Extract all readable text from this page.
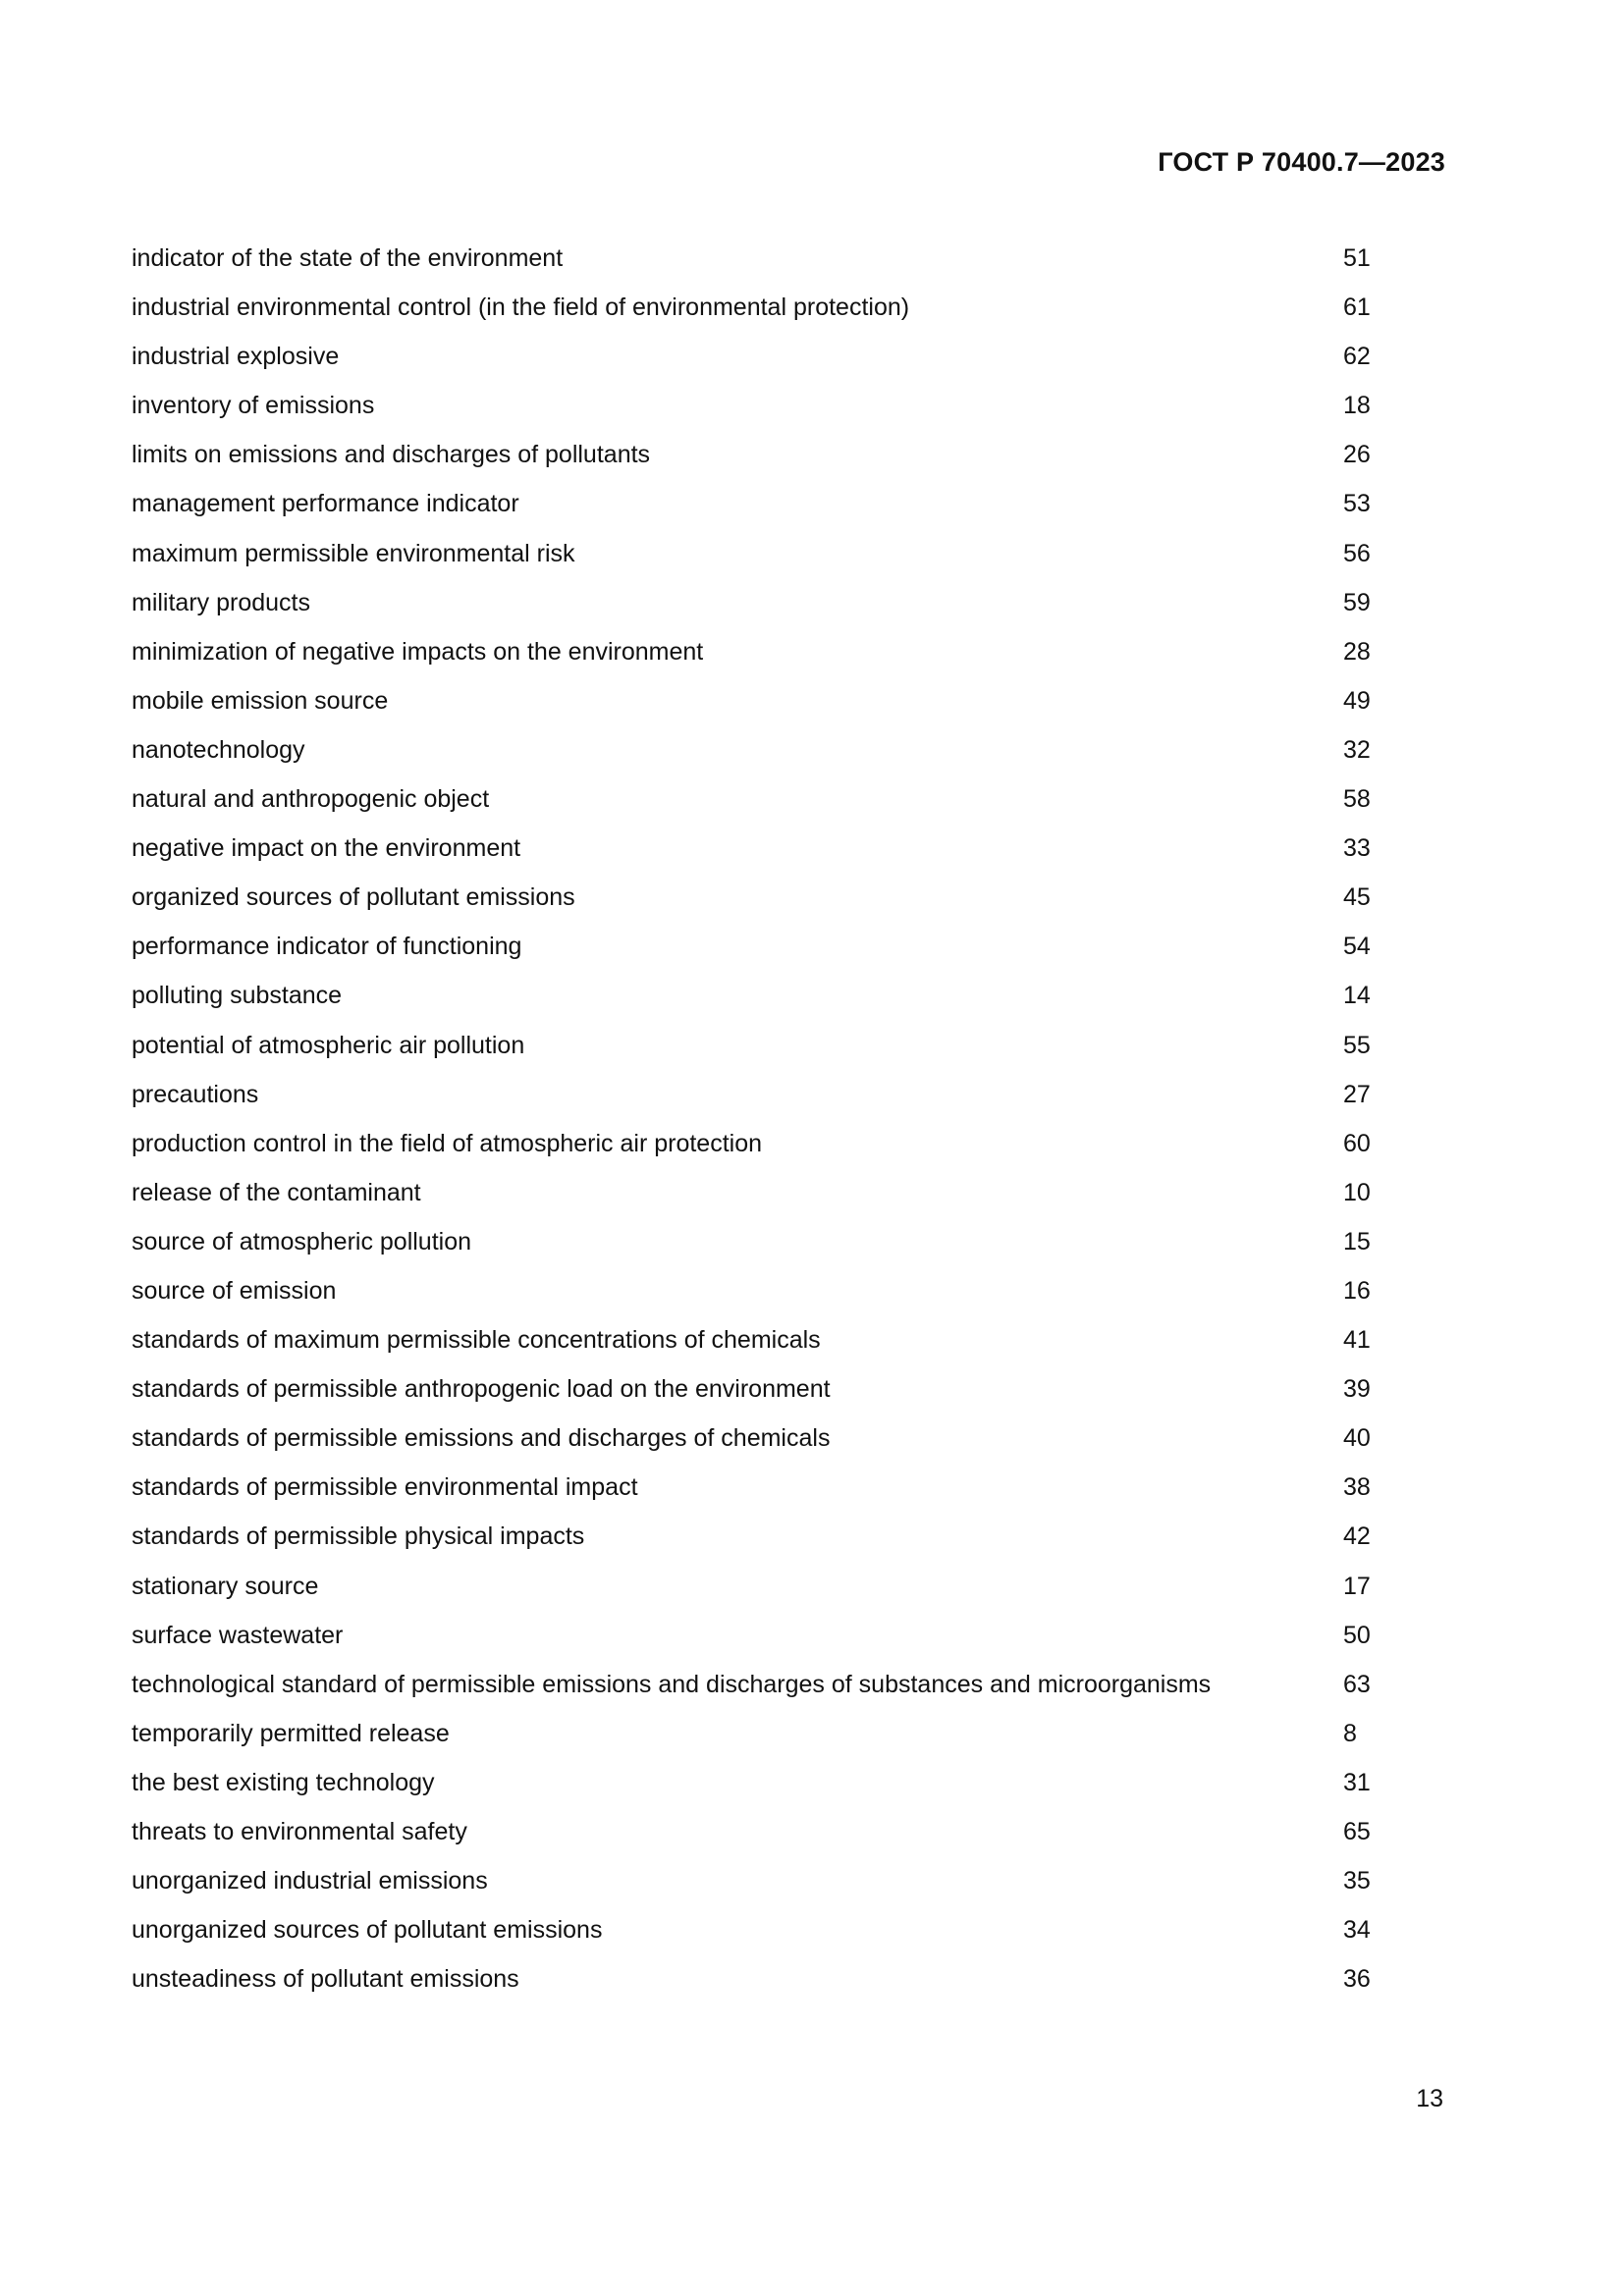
ГОСТ Р 70400.7—2023
indicator of the state of the environment	51
industrial environmental control (in the field of environmental protection)	61
industrial explosive	62
inventory of emissions	18
limits on emissions and discharges of pollutants	26
management performance indicator	53
maximum permissible environmental risk	56
military products	59
minimization of negative impacts on the environment	28
mobile emission source	49
nanotechnology	32
natural and anthropogenic object	58
negative impact on the environment	33
organized sources of pollutant emissions	45
performance indicator of functioning	54
polluting substance	14
potential of atmospheric air pollution	55
precautions	27
production control in the field of atmospheric air protection	60
release of the contaminant	10
source of atmospheric pollution	15
source of emission	16
standards of maximum permissible concentrations of chemicals	41
standards of permissible anthropogenic load on the environment	39
standards of permissible emissions and discharges of chemicals	40
standards of permissible environmental impact	38
standards of permissible physical impacts	42
stationary source	17
surface wastewater	50
technological standard of permissible emissions and discharges of substances and microorganisms	63
temporarily permitted release	8
the best existing technology	31
threats to environmental safety	65
unorganized industrial emissions	35
unorganized sources of pollutant emissions	34
unsteadiness of pollutant emissions	36
13
